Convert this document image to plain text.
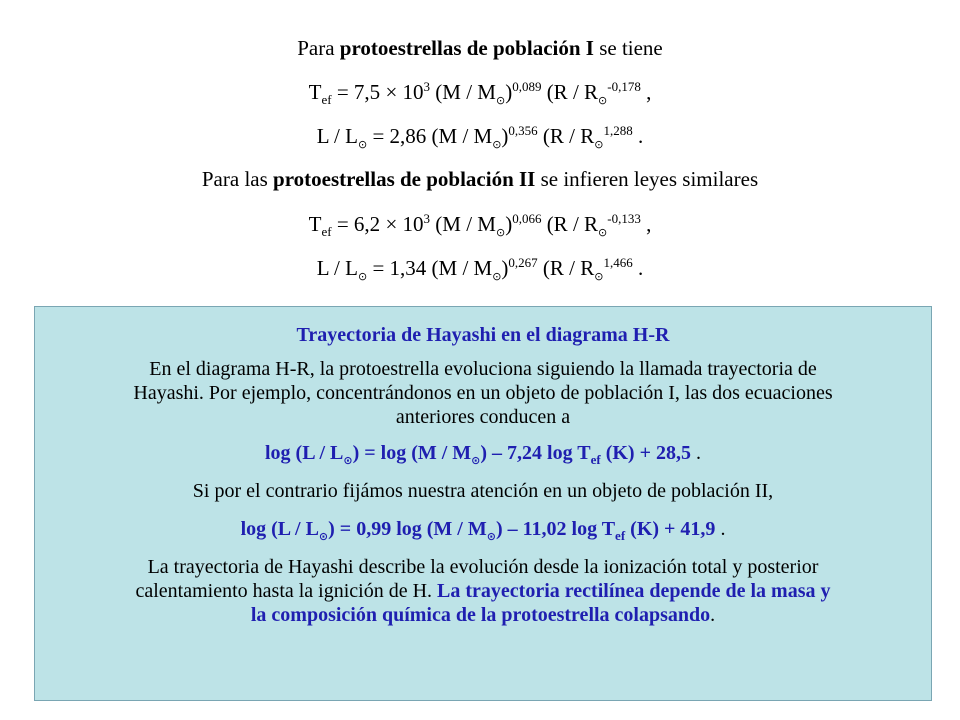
Para protoestrellas de población I se tiene
$T_{ef} = 7,5 \times 10^3$ $(M / M_⊙)^{0,089}$ ($R / R_⊙^{-0,178}$ ,
$L / L_⊙ = 2,86$ $(M / M_⊙)^{0,356}$ ($R / R_⊙^{1,288}$ .
Para las protoestrellas de población II se infieren leyes similares
$T_{ef} = 6,2 \times 10^3$ $(M / M_⊙)^{0,066}$ ($R / R_⊙^{-0,133}$ ,
$L / L_⊙ = 1,34$ $(M / M_⊙)^{0,267}$ ($R / R_⊙^{1,466}$ .
Trayectoria de Hayashi en el diagrama H-R
En el diagrama H-R, la protoestrella evoluciona siguiendo la llamada trayectoria de
Hayashi. Por ejemplo, concentrándonos en un objeto de población I, las dos ecuaciones
anteriores conducen a
$\log (L / L_⊙) = \log (M / M_⊙) - 7,24$ $\log T_{ef}$ (K) + 28,5 .
Si por el contrario fijámos nuestra atención en un objeto de población II,
$\log (L / L_⊙) = 0,99$ $\log (M / M_⊙) - 11,02$ $\log T_{ef}$ (K) + 41,9 .
La trayectoria de Hayashi describe la evolución desde la ionización total y posterior
calentamiento hasta la ignición de H. La trayectoria rectilínea depende de la masa y
la composición química de la protoestrella colapsando.
